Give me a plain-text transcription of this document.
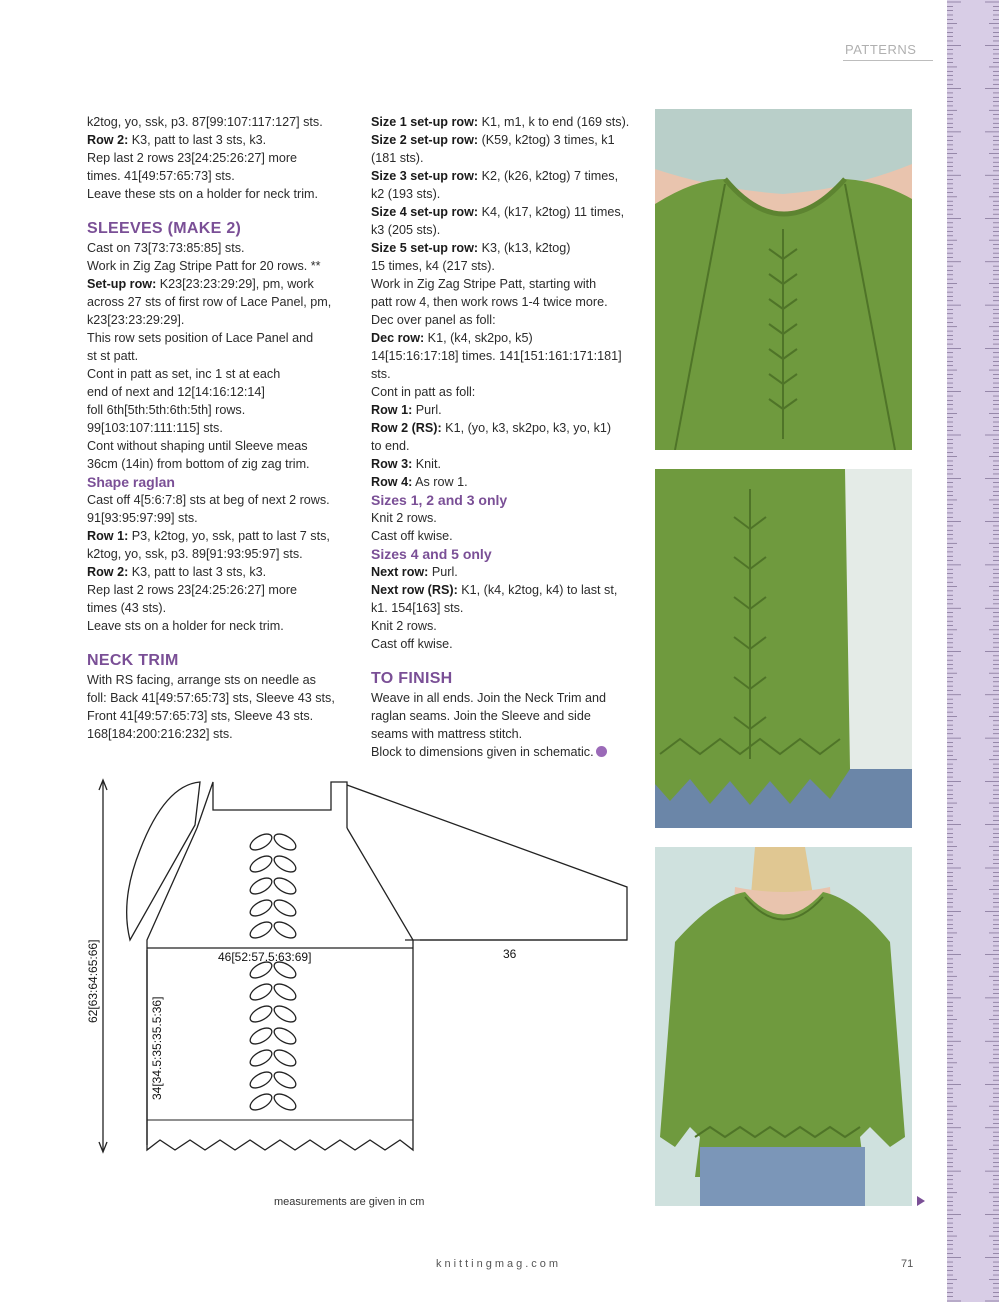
PATTERNS

k2tog, yo, ssk, p3. 87[99:107:117:127] sts.

Row 2: K3, patt to last 3 sts, k3.

Rep last 2 rows 23[24:25:26:27] more

times. 41[49:57:65:73] sts.

Leave these sts on a holder for neck trim.

SLEEVES (MAKE 2)

Cast on 73[73:73:85:85] sts.

Work in Zig Zag Stripe Patt for 20 rows. **

Set-up row: K23[23:23:29:29], pm, work

across 27 sts of first row of Lace Panel, pm,

k23[23:23:29:29].

This row sets position of Lace Panel and

st st patt.

Cont in patt as set, inc 1 st at each

end of next and 12[14:16:12:14]

foll 6th[5th:5th:6th:5th] rows.

99[103:107:111:115] sts.

Cont without shaping until Sleeve meas

36cm (14in) from bottom of zig zag trim.

Shape raglan

Cast off 4[5:6:7:8] sts at beg of next 2 rows.

91[93:95:97:99] sts.

Row 1: P3, k2tog, yo, ssk, patt to last 7 sts,

k2tog, yo, ssk, p3. 89[91:93:95:97] sts.

Row 2: K3, patt to last 3 sts, k3.

Rep last 2 rows 23[24:25:26:27] more

times (43 sts).

Leave sts on a holder for neck trim.

NECK TRIM

With RS facing, arrange sts on needle as

foll: Back 41[49:57:65:73] sts, Sleeve 43 sts,

Front 41[49:57:65:73] sts, Sleeve 43 sts.

168[184:200:216:232] sts.

Size 1 set-up row: K1, m1, k to end (169 sts).

Size 2 set-up row: (K59, k2tog) 3 times, k1

(181 sts).

Size 3 set-up row: K2, (k26, k2tog) 7 times,

k2 (193 sts).

Size 4 set-up row: K4, (k17, k2tog) 11 times,

k3 (205 sts).

Size 5 set-up row: K3, (k13, k2tog)

15 times, k4 (217 sts).

Work in Zig Zag Stripe Patt, starting with

patt row 4, then work rows 1-4 twice more.

Dec over panel as foll:

Dec row: K1, (k4, sk2po, k5)

14[15:16:17:18] times. 141[151:161:171:181] sts.

Cont in patt as foll:

Row 1: Purl.

Row 2 (RS): K1, (yo, k3, sk2po, k3, yo, k1)

to end.

Row 3: Knit.

Row 4: As row 1.

Sizes 1, 2 and 3 only

Knit 2 rows.

Cast off kwise.

Sizes 4 and 5 only

Next row: Purl.

Next row (RS): K1, (k4, k2tog, k4) to last st,

k1. 154[163] sts.

Knit 2 rows.

Cast off kwise.

TO FINISH

Weave in all ends. Join the Neck Trim and

raglan seams. Join the Sleeve and side

seams with mattress stitch.

Block to dimensions given in schematic.

62[63:64:65:66]	46[52:57.5:63:69]	36
34[34.5:35:35.5:36]
measurements are given in cm
knittingmag.com	71
